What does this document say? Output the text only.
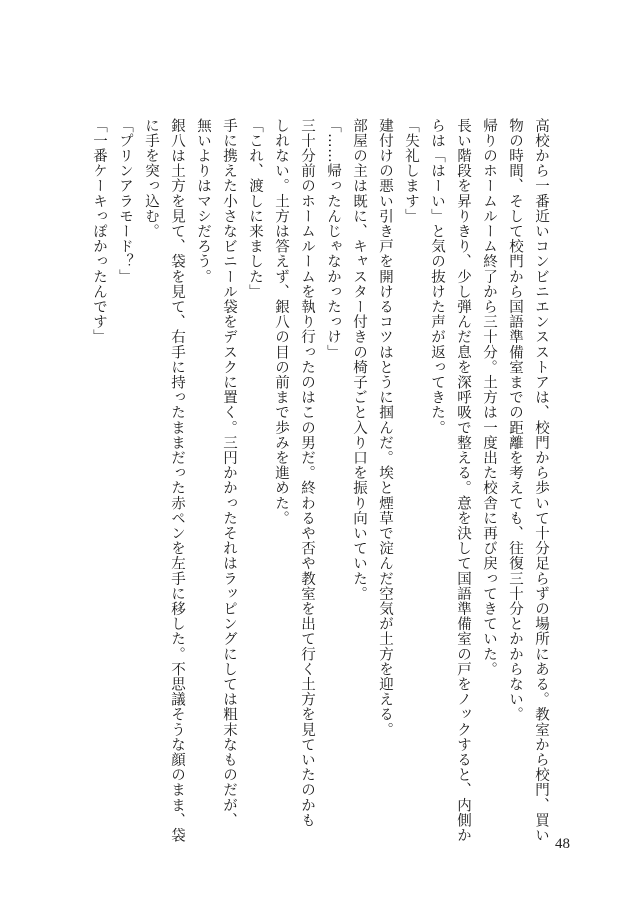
高校から一番近いコンビニエンスストアは、校門から歩いて十分足らずの場所にある。教室から校門、買い

物の時間、そして校門から国語準備室までの距離を考えても、往復三十分とかからない。

帰りのホームルーム終了から三十分。土方は一度出た校舎に再び戻ってきていた。

長い階段を昇りきり、少し弾んだ息を深呼吸で整える。意を決して国語準備室の戸をノックすると、内側か

らは「はーい」と気の抜けた声が返ってきた。

「失礼します」

建付けの悪い引き戸を開けるコツはとうに掴んだ。埃と煙草で淀んだ空気が土方を迎える。

部屋の主は既に、キャスター付きの椅子ごと入り口を振り向いていた。

「……帰ったんじゃなかったっけ」

三十分前のホームルームを執り行ったのはこの男だ。終わるや否や教室を出て行く土方を見ていたのかも

しれない。土方は答えず、銀八の目の前まで歩みを進めた。

「これ、渡しに来ました」

手に携えた小さなビニール袋をデスクに置く。三円かかったそれはラッピングにしては粗末なものだが、

無いよりはマシだろう。

銀八は土方を見て、袋を見て、右手に持ったままだった赤ペンを左手に移した。不思議そうな顔のまま、袋

に手を突っ込む。

「プリンアラモード？」

「一番ケーキっぽかったんです」

48
